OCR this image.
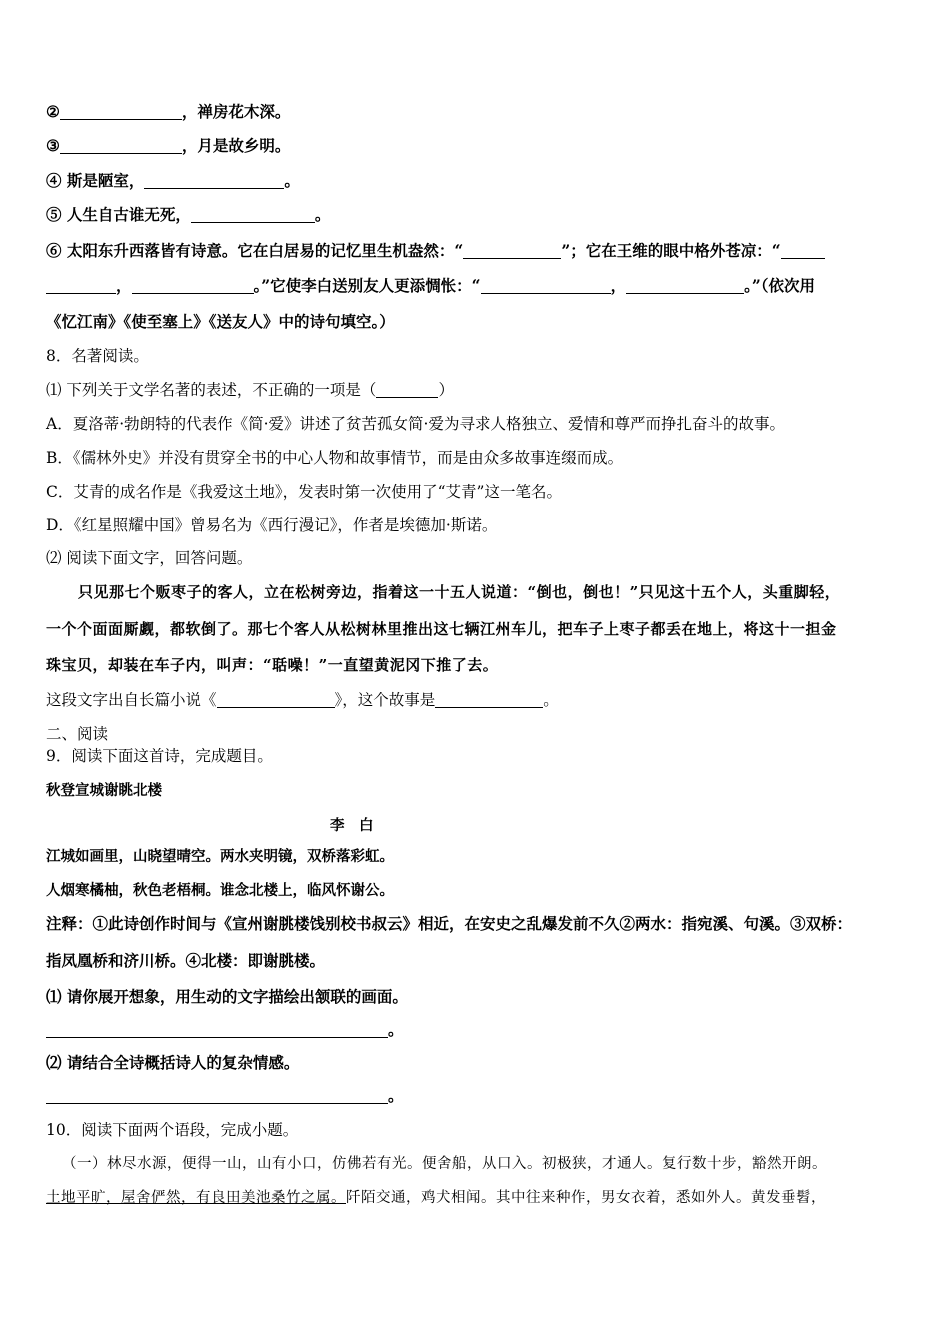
②	，禅房花木深。
③	，月是故乡明。
④ 斯是陋室，	。
⑤ 人生自古谁无死，	。
⑥ 太阳东升西落皆有诗意。它在白居易的记忆里生机盎然：“	”；它在王维的眼中格外苍凉：“
，	。”它使李白送别友人更添惆怅：“	，	。”（依次用
《忆江南》《使至塞上》《送友人》中的诗句填空。）
8．名著阅读。
⑴ 下列关于文学名著的表述，不正确的一项是（	）
A．夏洛蒂·勃朗特的代表作《简·爱》讲述了贫苦孤女简·爱为寻求人格独立、爱情和尊严而挣扎奋斗的故事。
B．《儒林外史》并没有贯穿全书的中心人物和故事情节，而是由众多故事连缀而成。
C．艾青的成名作是《我爱这土地》，发表时第一次使用了“艾青”这一笔名。
D．《红星照耀中国》曾易名为《西行漫记》，作者是埃德加·斯诺。
⑵ 阅读下面文字，回答问题。
只见那七个贩枣子的客人，立在松树旁边，指着这一十五人说道：“倒也，倒也！”只见这十五个人，头重脚轻，
一个个面面厮觑，都软倒了。那七个客人从松树林里推出这七辆江州车儿，把车子上枣子都丢在地上，将这十一担金
珠宝贝，却装在车子内，叫声：“聒噪！”一直望黄泥冈下推了去。
这段文字出自长篇小说《	》，这个故事是	。
二、阅读
9．阅读下面这首诗，完成题目。
秋登宣城谢眺北楼
李　白
江城如画里，山晓望晴空。两水夹明镜，双桥落彩虹。
人烟寒橘柚，秋色老梧桐。谁念北楼上，临风怀谢公。
注释：①此诗创作时间与《宣州谢朓楼饯别校书叔云》相近，在安史之乱爆发前不久②两水：指宛溪、句溪。③双桥：
指凤凰桥和济川桥。④北楼：即谢朓楼。
⑴ 请你展开想象，用生动的文字描绘出颔联的画面。
。
⑵ 请结合全诗概括诗人的复杂情感。
。
10．阅读下面两个语段，完成小题。
（一）林尽水源，便得一山，山有小口，仿佛若有光。便舍船，从口入。初极狭，才通人。复行数十步，豁然开朗。
土地平旷，屋舍俨然，有良田美池桑竹之属。阡陌交通，鸡犬相闻。其中往来种作，男女衣着，悉如外人。黄发垂髫，
